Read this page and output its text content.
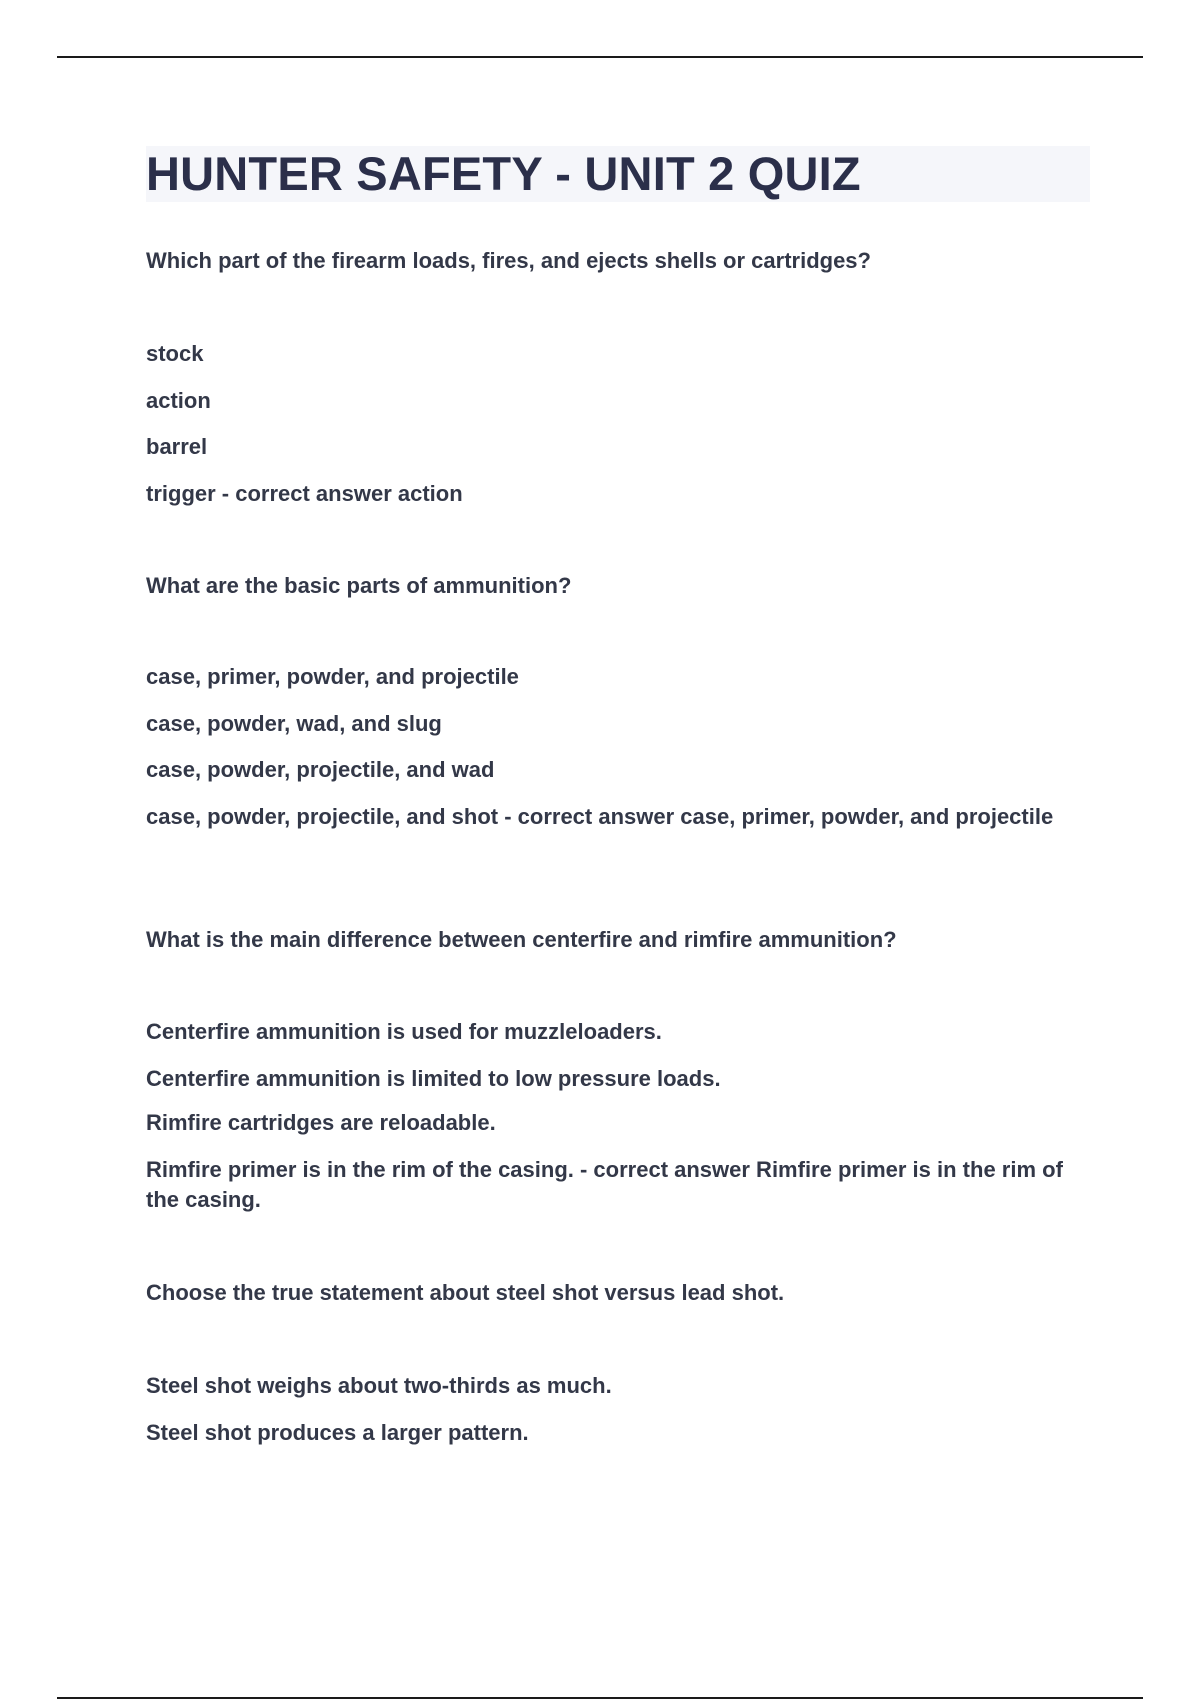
HUNTER SAFETY - UNIT 2 QUIZ

Which part of the firearm loads, fires, and ejects shells or cartridges?

stock

action

barrel

trigger - correct answer action

What are the basic parts of ammunition?

case, primer, powder, and projectile

case, powder, wad, and slug

case, powder, projectile, and wad

case, powder, projectile, and shot - correct answer case, primer, powder, and projectile

What is the main difference between centerfire and rimfire ammunition?

Centerfire ammunition is used for muzzleloaders.

Centerfire ammunition is limited to low pressure loads.

Rimfire cartridges are reloadable.

Rimfire primer is in the rim of the casing. - correct answer Rimfire primer is in the rim of the casing.

Choose the true statement about steel shot versus lead shot.

Steel shot weighs about two-thirds as much.

Steel shot produces a larger pattern.
